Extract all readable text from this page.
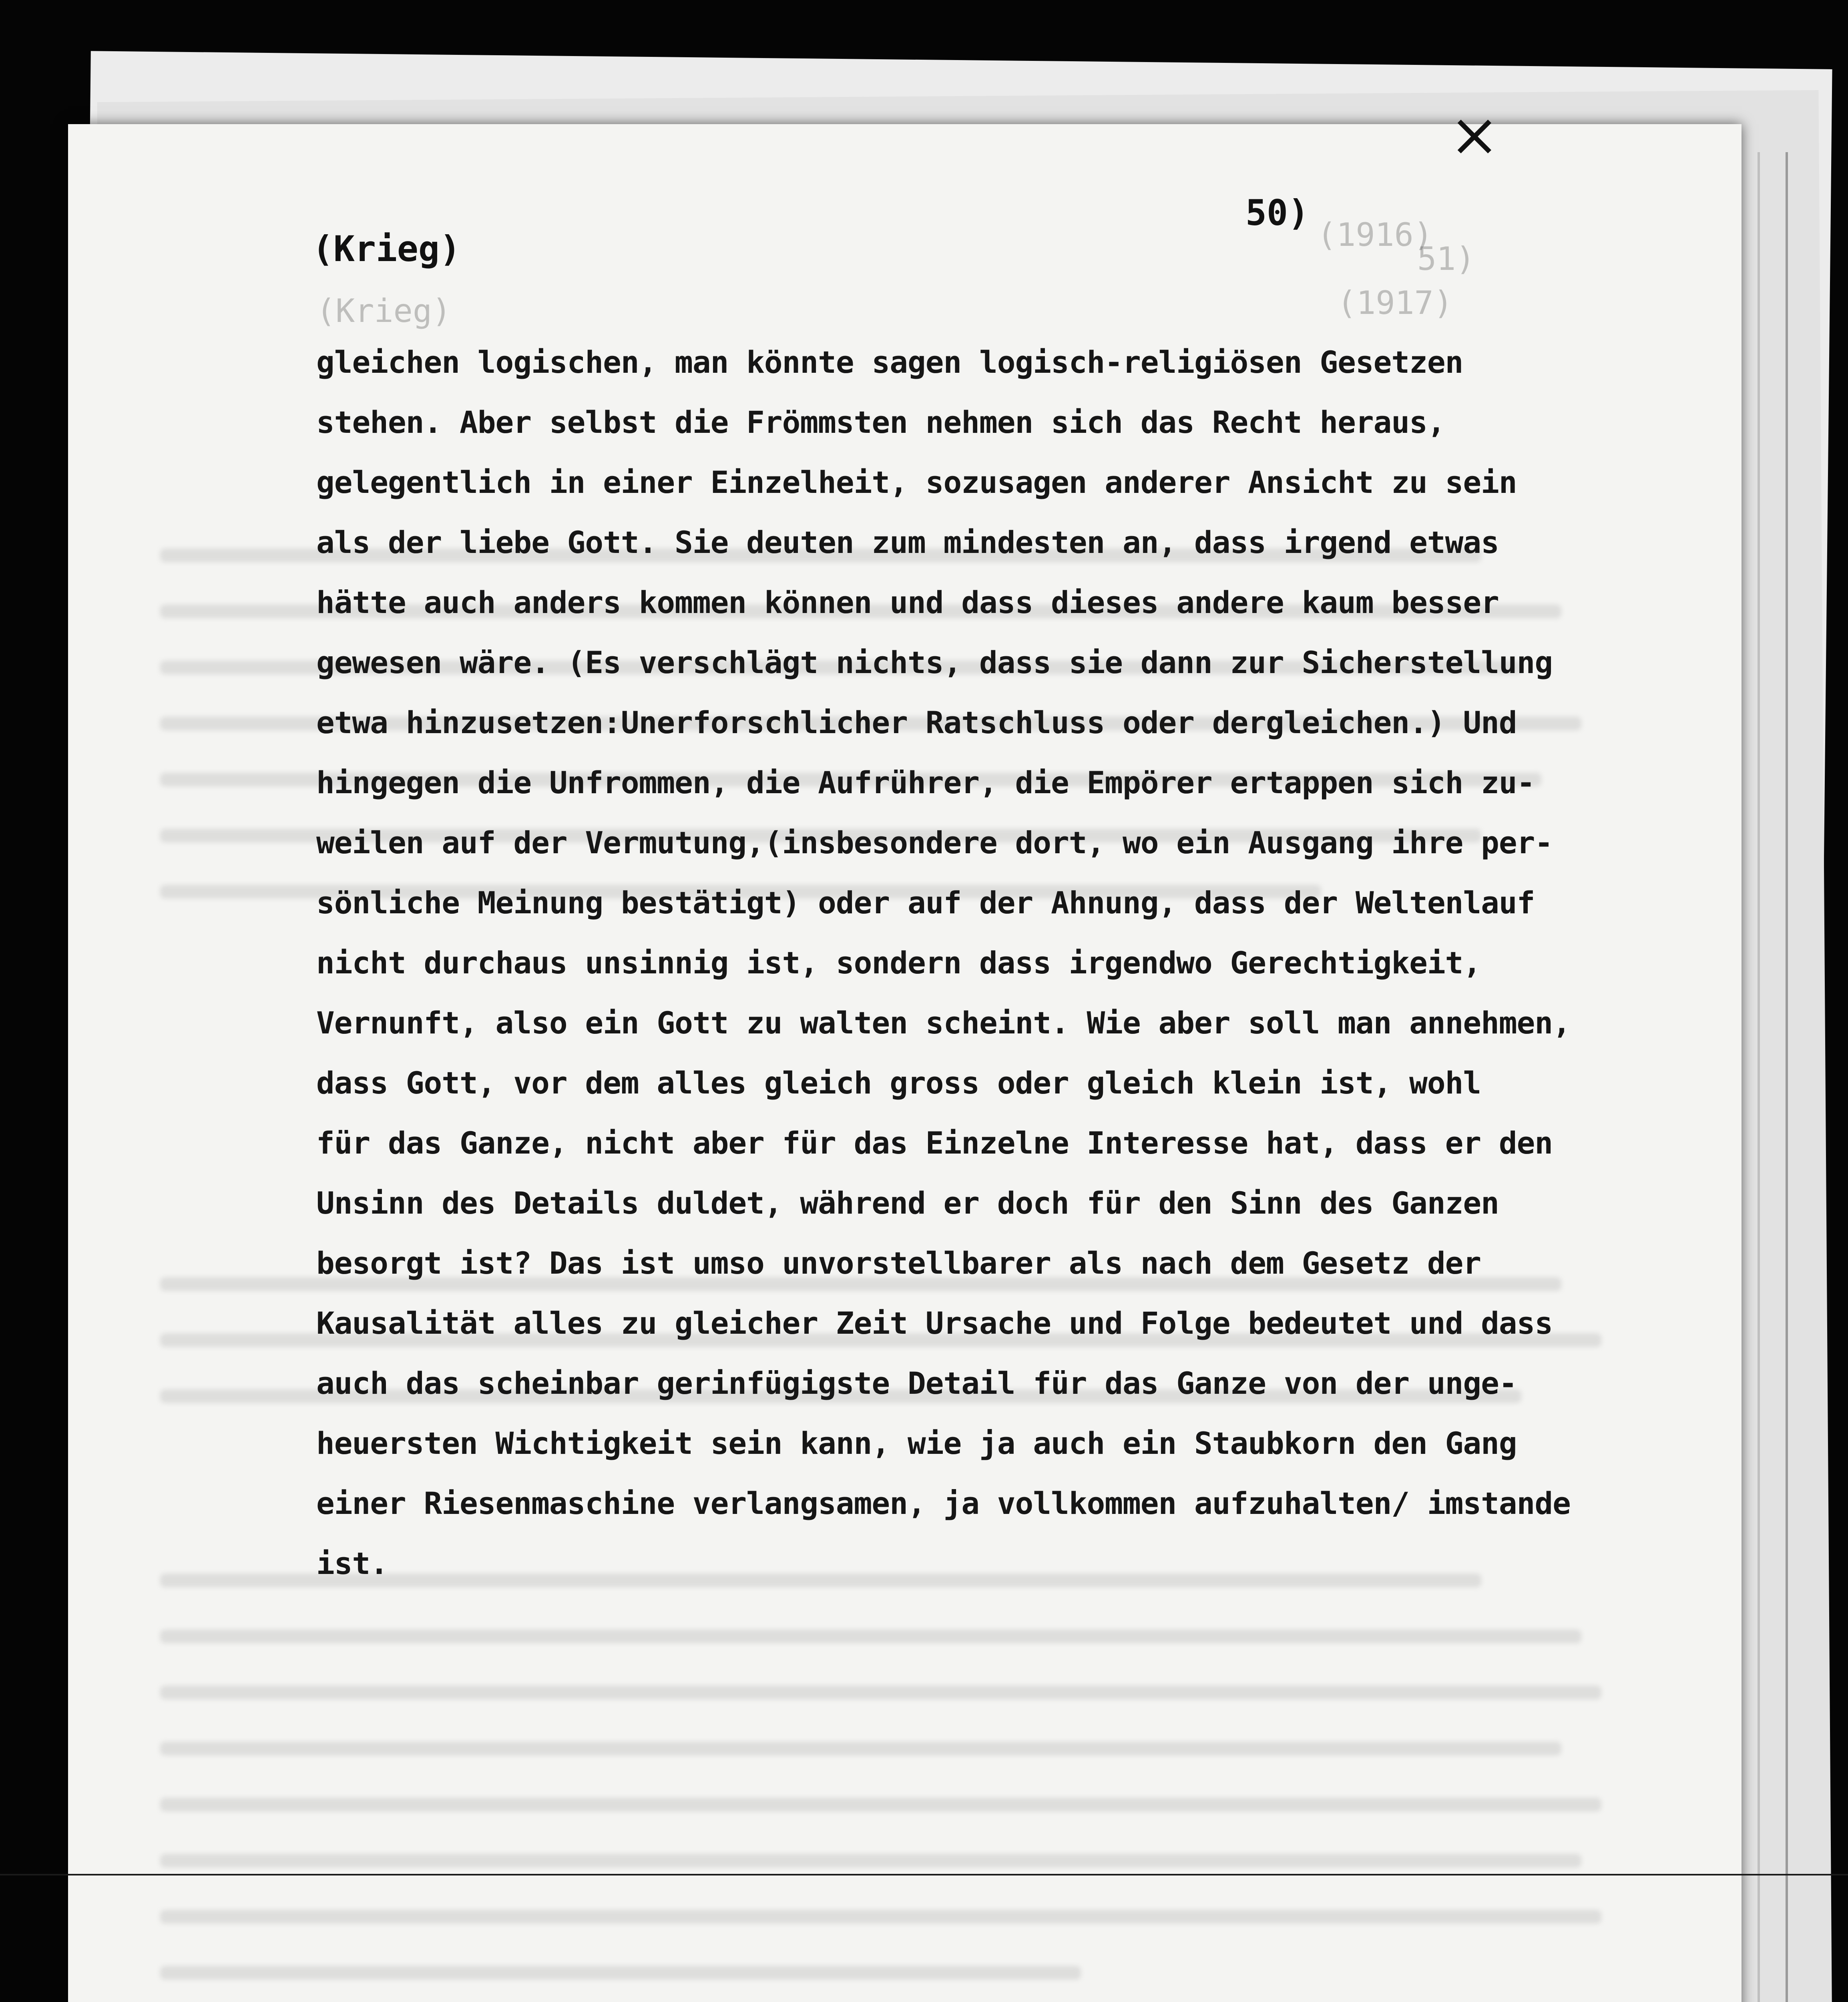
×
(Krieg)
50)
(Krieg)
(1916)
51)
(1917)
gleichen logischen, man könnte sagen logisch-religiösen Gesetzen
stehen. Aber selbst die Frömmsten nehmen sich das Recht heraus,
gelegentlich in einer Einzelheit, sozusagen anderer Ansicht zu sein
als der liebe Gott. Sie deuten zum mindesten an, dass irgend etwas
hätte auch anders kommen können und dass dieses andere kaum besser
gewesen wäre. (Es verschlägt nichts, dass sie dann zur Sicherstellung
etwa hinzusetzen:Unerforschlicher Ratschluss oder dergleichen.) Und
hingegen die Unfrommen, die Aufrührer, die Empörer ertappen sich zu-
weilen auf der Vermutung,(insbesondere dort, wo ein Ausgang ihre per-
sönliche Meinung bestätigt) oder auf der Ahnung, dass der Weltenlauf
nicht durchaus unsinnig ist, sondern dass irgendwo Gerechtigkeit,
Vernunft, also ein Gott zu walten scheint. Wie aber soll man annehmen,
dass Gott, vor dem alles gleich gross oder gleich klein ist, wohl
für das Ganze, nicht aber für das Einzelne Interesse hat, dass er den
Unsinn des Details duldet, während er doch für den Sinn des Ganzen
besorgt ist? Das ist umso unvorstellbarer als nach dem Gesetz der
Kausalität alles zu gleicher Zeit Ursache und Folge bedeutet und dass
auch das scheinbar gerinfügigste Detail für das Ganze von der unge-
heuersten Wichtigkeit sein kann, wie ja auch ein Staubkorn den Gang
einer Riesenmaschine verlangsamen, ja vollkommen aufzuhalten/ imstande
ist.
